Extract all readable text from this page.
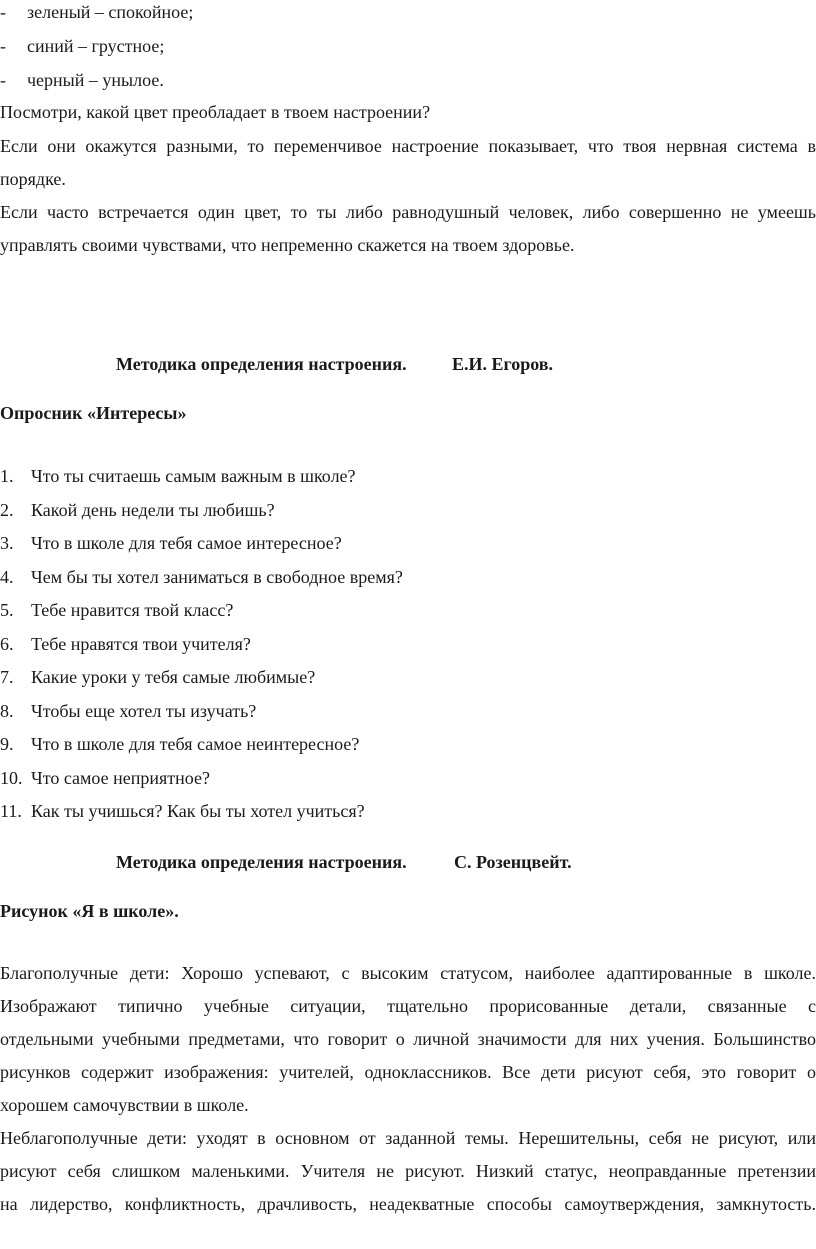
- зеленый – спокойное;
- синий – грустное;
- черный – унылое.
Посмотри, какой цвет преобладает в твоем настроении?
Если они окажутся разными, то переменчивое настроение показывает, что твоя нервная система в
порядке.
Если часто встречается один цвет, то ты либо равнодушный человек, либо совершенно не умеешь
управлять своими чувствами, что непременно скажется на твоем здоровье.
Методика определения настроения.	Е.И. Егоров.
Опросник «Интересы»
1. Что ты считаешь самым важным в школе?
2. Какой день недели ты любишь?
3. Что в школе для тебя самое интересное?
4. Чем бы ты хотел заниматься в свободное время?
5. Тебе нравится твой класс?
6. Тебе нравятся твои учителя?
7. Какие уроки у тебя самые любимые?
8. Чтобы еще хотел ты изучать?
9. Что в школе для тебя самое неинтересное?
10. Что самое неприятное?
11. Как ты учишься? Как бы ты хотел учиться?
Методика определения настроения.	С. Розенцвейт.
Рисунок «Я в школе».
Благополучные дети: Хорошо успевают, с высоким статусом, наиболее адаптированные в школе.
Изображают типично учебные ситуации, тщательно прорисованные детали, связанные с
отдельными учебными предметами, что говорит о личной значимости для них учения. Большинство
рисунков содержит изображения: учителей, одноклассников. Все дети рисуют себя, это говорит о
хорошем самочувствии в школе.
Неблагополучные дети: уходят в основном от заданной темы. Нерешительны, себя не рисуют, или
рисуют себя слишком маленькими. Учителя не рисуют. Низкий статус, неоправданные претензии
на лидерство, конфликтность, драчливость, неадекватные способы самоутверждения, замкнутость.
